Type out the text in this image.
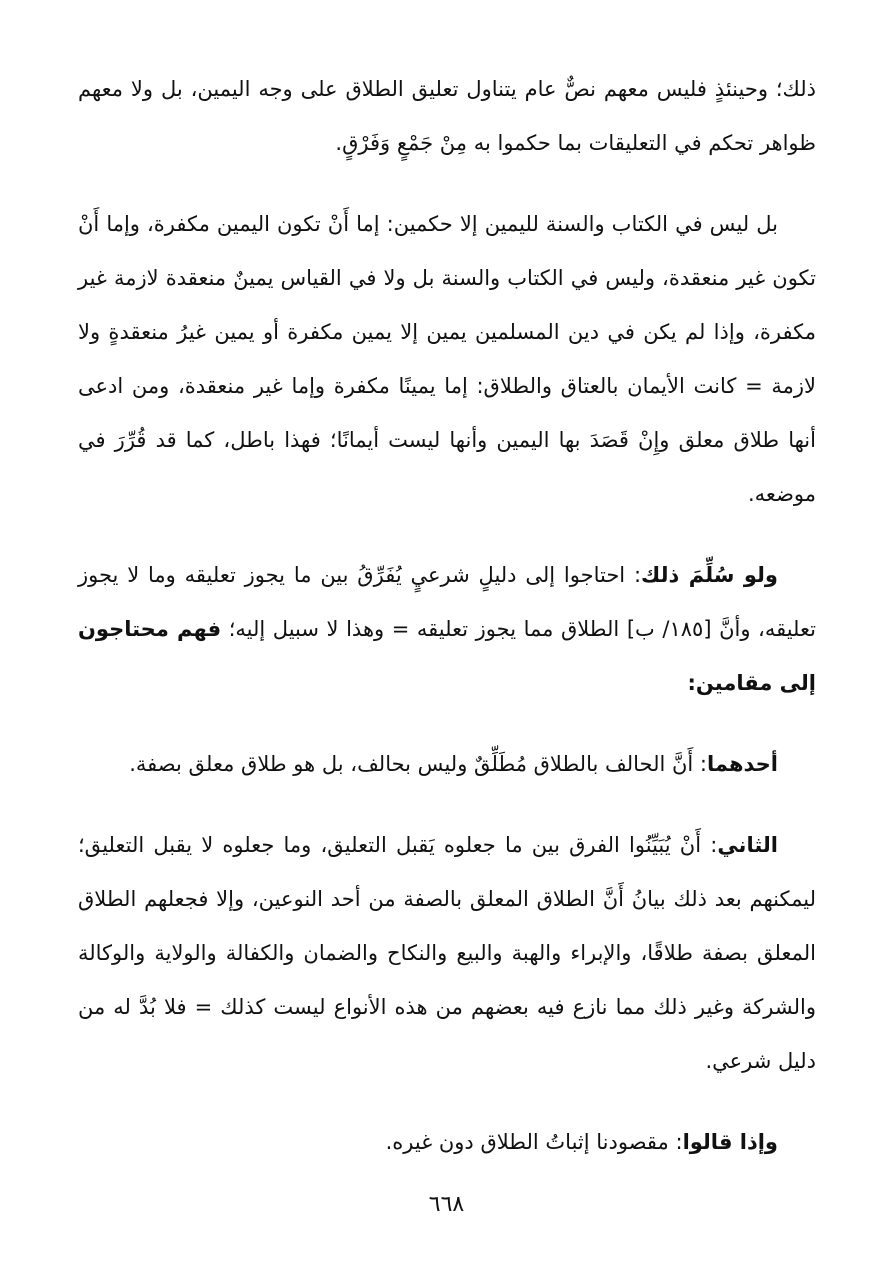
ذلك؛ وحينئذٍ فليس معهم نصٌّ عام يتناول تعليق الطلاق على وجه اليمين، بل ولا معهم ظواهر تحكم في التعليقات بما حكموا به مِنْ جَمْعٍ وَفَرْقٍ.

بل ليس في الكتاب والسنة لليمين إلا حكمين: إما أَنْ تكون اليمين مكفرة، وإما أَنْ تكون غير منعقدة، وليس في الكتاب والسنة بل ولا في القياس يمينٌ منعقدة لازمة غير مكفرة، وإذا لم يكن في دين المسلمين يمين إلا يمين مكفرة أو يمين غيرُ منعقدةٍ ولا لازمة = كانت الأيمان بالعتاق والطلاق: إما يمينًا مكفرة وإما غير منعقدة، ومن ادعى أنها طلاق معلق وإِنْ قَصَدَ بها اليمين وأنها ليست أيمانًا؛ فهذا باطل، كما قد قُرِّرَ في موضعه.

ولو سُلِّمَ ذلك: احتاجوا إلى دليلٍ شرعيٍ يُفَرِّقُ بين ما يجوز تعليقه وما لا يجوز تعليقه، وأنَّ [١٨٥/ ب] الطلاق مما يجوز تعليقه = وهذا لا سبيل إليه؛ فهم محتاجون إلى مقامين:

أحدهما: أَنَّ الحالف بالطلاق مُطَلِّقٌ وليس بحالف، بل هو طلاق معلق بصفة.

الثاني: أَنْ يُبَيِّنُوا الفرق بين ما جعلوه يَقبل التعليق، وما جعلوه لا يقبل التعليق؛ ليمكنهم بعد ذلك بيانُ أَنَّ الطلاق المعلق بالصفة من أحد النوعين، وإلا فجعلهم الطلاق المعلق بصفة طلاقًا، والإبراء والهبة والبيع والنكاح والضمان والكفالة والولاية والوكالة والشركة وغير ذلك مما نازع فيه بعضهم من هذه الأنواع ليست كذلك = فلا بُدَّ له من دليل شرعي.

وإذا قالوا: مقصودنا إثباتُ الطلاق دون غيره.

٦٦٨
